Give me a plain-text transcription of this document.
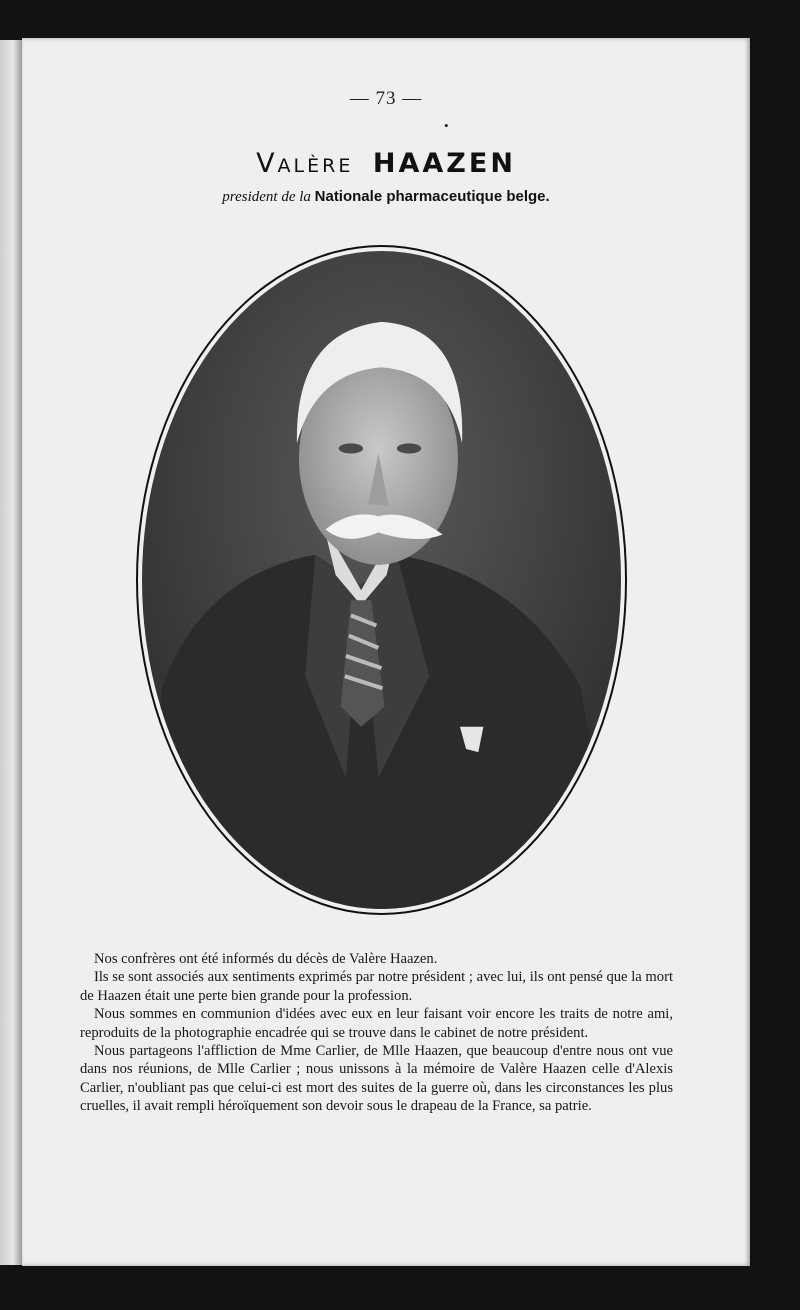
— 73 —
•
Valère HAAZEN
president de la Nationale pharmaceutique belge.

Nos confrères ont été informés du décès de Valère Haazen.

Ils se sont associés aux sentiments exprimés par notre président ; avec lui, ils ont pensé que la mort de Haazen était une perte bien grande pour la profession.

Nous sommes en communion d'idées avec eux en leur faisant voir encore les traits de notre ami, reproduits de la photographie encadrée qui se trouve dans le cabinet de notre président.

Nous partageons l'affliction de Mme Carlier, de Mlle Haazen, que beaucoup d'entre nous ont vue dans nos réunions, de Mlle Carlier ; nous unissons à la mémoire de Valère Haazen celle d'Alexis Carlier, n'oubliant pas que celui-ci est mort des suites de la guerre où, dans les circonstances les plus cruelles, il avait rempli héroïquement son devoir sous le drapeau de la France, sa patrie.
